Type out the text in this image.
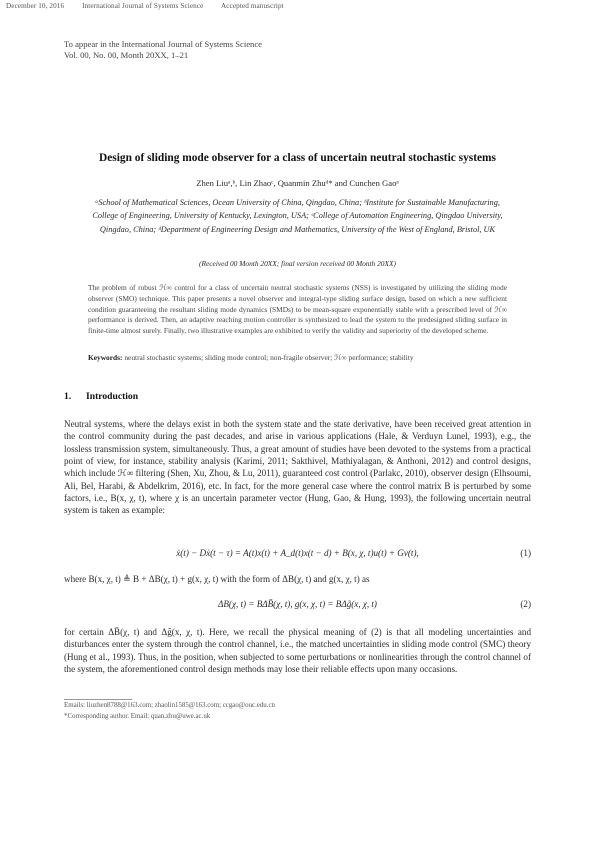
December 10, 2016 International Journal of Systems Science Accepted manuscript
To appear in the International Journal of Systems Science
Vol. 00, No. 00, Month 20XX, 1–21
Design of sliding mode observer for a class of uncertain neutral stochastic systems
Zhen Liuᵃ,ᵇ, Lin Zhaoᶜ, Quanmin Zhuᵈ* and Cunchen Gaoᵃ
ᵃSchool of Mathematical Sciences, Ocean University of China, Qingdao, China; ᵇInstitute for Sustainable Manufacturing, College of Engineering, University of Kentucky, Lexington, USA; ᶜCollege of Automation Engineering, Qingdao University, Qingdao, China; ᵈDepartment of Engineering Design and Mathematics, University of the West of England, Bristol, UK
(Received 00 Month 20XX; final version received 00 Month 20XX)
The problem of robust ℋ∞ control for a class of uncertain neutral stochastic systems (NSS) is investigated by utilizing the sliding mode observer (SMO) technique. This paper presents a novel observer and integral-type sliding surface design, based on which a new sufficient condition guaranteeing the resultant sliding mode dynamics (SMDs) to be mean-square exponentially stable with a prescribed level of ℋ∞ performance is derived. Then, an adaptive reaching motion controller is synthesized to lead the system to the predesigned sliding surface in finite-time almost surely. Finally, two illustrative examples are exhibited to verify the validity and superiority of the developed scheme.
Keywords: neutral stochastic systems; sliding mode control; non-fragile observer; ℋ∞ performance; stability
1. Introduction
Neutral systems, where the delays exist in both the system state and the state derivative, have been received great attention in the control community during the past decades, and arise in various applications (Hale, & Verduyn Lunel, 1993), e.g., the lossless transmission system, simultaneously. Thus, a great amount of studies have been devoted to the systems from a practical point of view, for instance, stability analysis (Karimi, 2011; Sakthivel, Mathiyalagan, & Anthoni, 2012) and control designs, which include ℋ∞ filtering (Shen, Xu, Zhou, & Lu, 2011), guaranteed cost control (Parlakc, 2010), observer design (Elhsoumi, Ali, Bel, Harabi, & Abdelkrim, 2016), etc. In fact, for the more general case where the control matrix B is perturbed by some factors, i.e., B(x, χ, t), where χ is an uncertain parameter vector (Hung, Gao, & Hung, 1993), the following uncertain neutral system is taken as example:
ẋ(t) − Dẋ(t − τ) = A(t)x(t) + A_d(t)x(t − d) + B(x, χ, t)u(t) + Gv(t),	(1)
where B(x, χ, t) ≜ B + ΔB(χ, t) + g(x, χ, t) with the form of ΔB(χ, t) and g(x, χ, t) as
ΔB(χ, t) = BΔB̄(χ, t), g(x, χ, t) = BΔg̃(x, χ, t)	(2)
for certain ΔB̄(χ, t) and Δg̃(x, χ, t). Here, we recall the physical meaning of (2) is that all modeling uncertainties and disturbances enter the system through the control channel, i.e., the matched uncertainties in sliding mode control (SMC) theory (Hung et al., 1993). Thus, in the position, when subjected to some perturbations or nonlinearities through the control channel of the system, the aforementioned control design methods may lose their reliable effects upon many occasions.
Emails: liuzhen8788@163.com; zhaolin1585@163.com; ccgao@ouc.edu.cn
*Corresponding author. Email: quan.zhu@uwe.ac.uk
